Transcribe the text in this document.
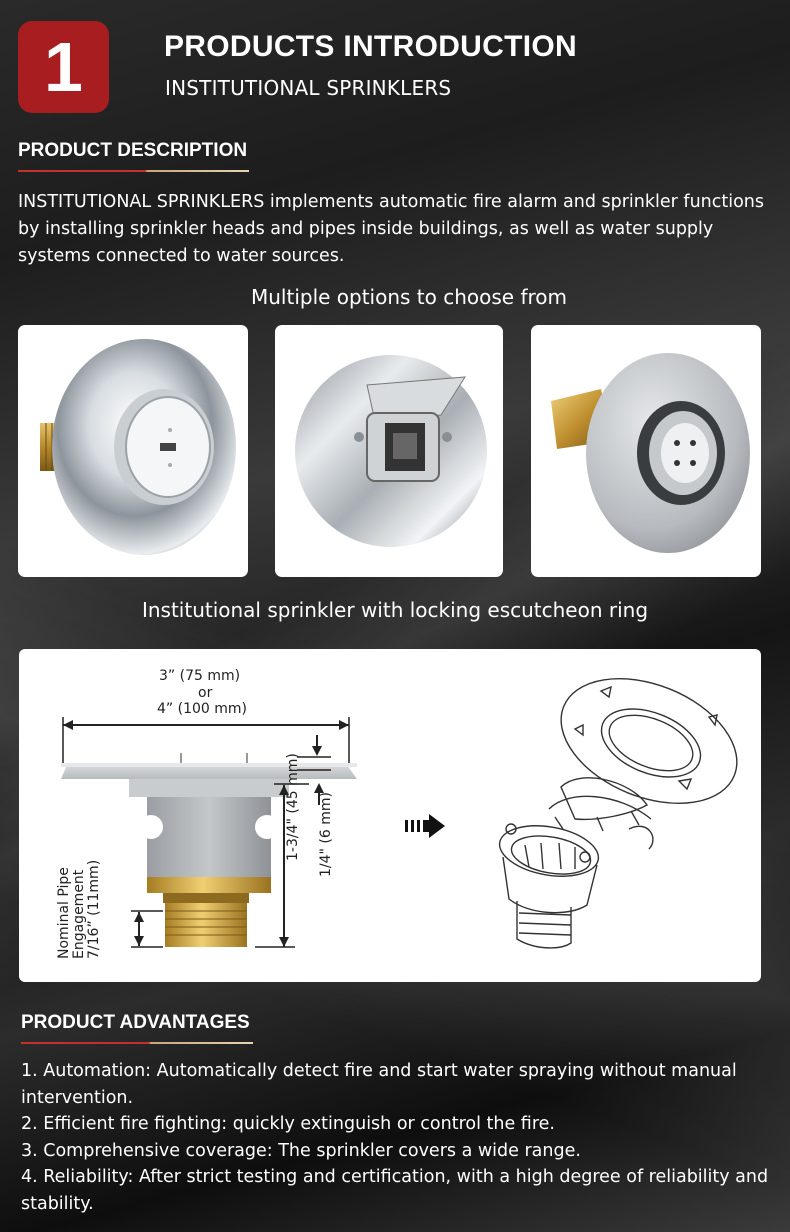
1	PRODUCTS INTRODUCTION
INSTITUTIONAL SPRINKLERS
PRODUCT DESCRIPTION
INSTITUTIONAL SPRINKLERS implements automatic fire alarm and sprinkler functions by installing sprinkler heads and pipes inside buildings, as well as water supply systems connected to water sources.
Multiple options to choose from
Institutional sprinkler with locking escutcheon ring
3” (75 mm)
or
4” (100 mm)
1-3/4" (45 mm) 1/4" (6 mm)
Nominal Pipe Engagement 7/16” (11mm)
PRODUCT ADVANTAGES
1. Automation: Automatically detect fire and start water spraying without manual intervention.
2. Efficient fire fighting: quickly extinguish or control the fire.
3. Comprehensive coverage: The sprinkler covers a wide range.
4. Reliability: After strict testing and certification, with a high degree of reliability and stability.
